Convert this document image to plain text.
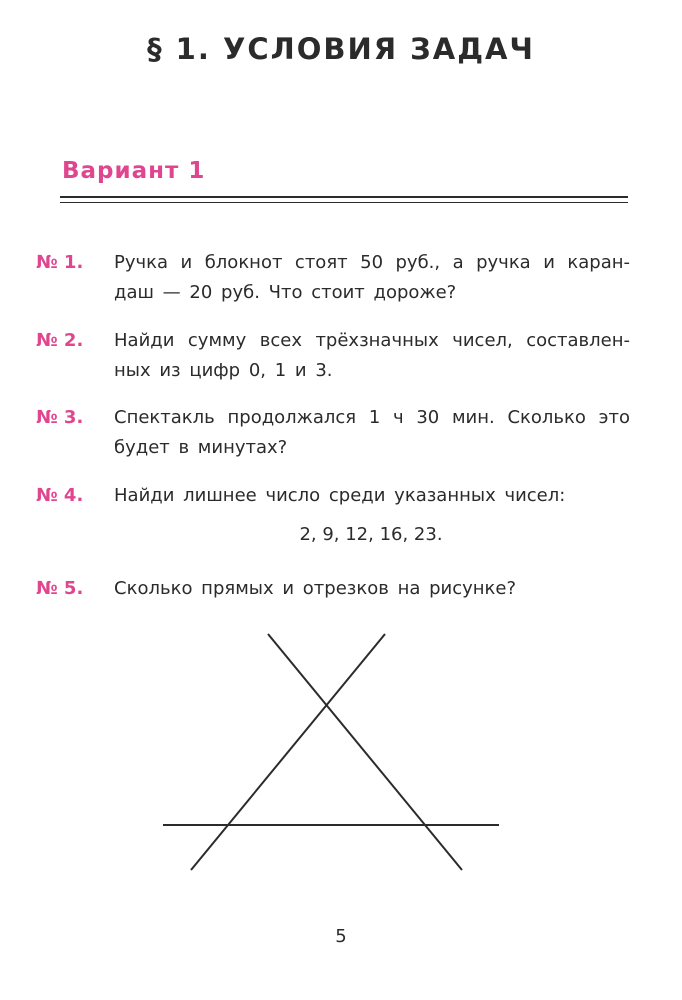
§ 1. УСЛОВИЯ ЗАДАЧ
Вариант 1
№ 1. Ручка и блокнот стоят 50 руб., а ручка и каран-даш — 20 руб. Что стоит дороже?
№ 2. Найди сумму всех трёхзначных чисел, составлен-ных из цифр 0, 1 и 3.
№ 3. Спектакль продолжался 1 ч 30 мин. Сколько это будет в минутах?
№ 4. Найди лишнее число среди указанных чисел:
2, 9, 12, 16, 23.
№ 5. Сколько прямых и отрезков на рисунке?
5
